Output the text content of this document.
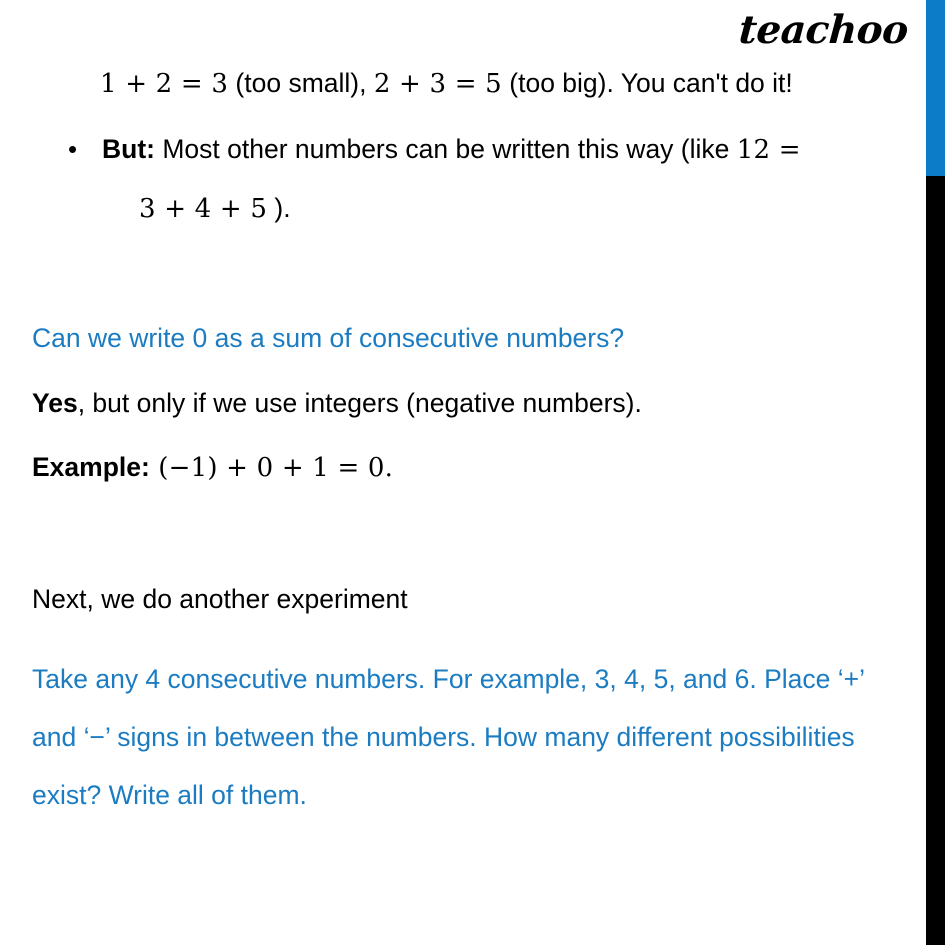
teachoo
1 + 2 = 3 (too small), 2 + 3 = 5 (too big). You can't do it!
• But: Most other numbers can be written this way (like 12 =
3 + 4 + 5 ).
Can we write 0 as a sum of consecutive numbers?
Yes, but only if we use integers (negative numbers).
Example: (−1) + 0 + 1 = 0.
Next, we do another experiment
Take any 4 consecutive numbers. For example, 3, 4, 5, and 6. Place ‘+’ and ‘−’ signs in between the numbers. How many different possibilities exist? Write all of them.
